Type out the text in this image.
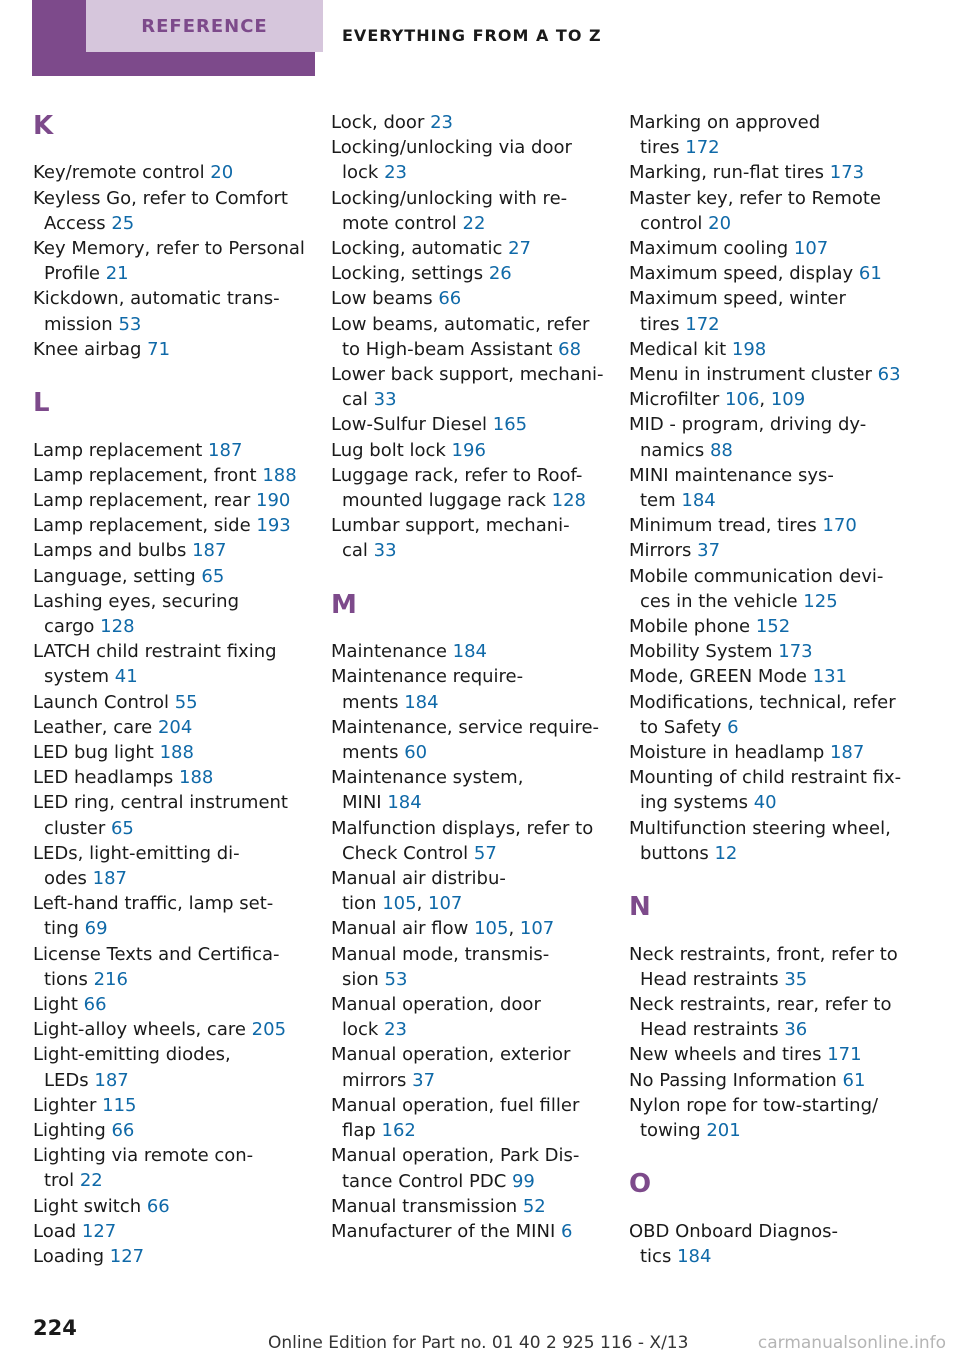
REFERENCE	EVERYTHING FROM A TO Z
K
Key/remote control 20
Keyless Go, refer to Comfort
Access 25
Key Memory, refer to Personal
Profile 21
Kickdown, automatic trans-
mission 53
Knee airbag 71
L
Lamp replacement 187
Lamp replacement, front 188
Lamp replacement, rear 190
Lamp replacement, side 193
Lamps and bulbs 187
Language, setting 65
Lashing eyes, securing
cargo 128
LATCH child restraint fixing
system 41
Launch Control 55
Leather, care 204
LED bug light 188
LED headlamps 188
LED ring, central instrument
cluster 65
LEDs, light-emitting di-
odes 187
Left-hand traffic, lamp set-
ting 69
License Texts and Certifica-
tions 216
Light 66
Light-alloy wheels, care 205
Light-emitting diodes,
LEDs 187
Lighter 115
Lighting 66
Lighting via remote con-
trol 22
Light switch 66
Load 127
Loading 127
Lock, door 23
Locking/unlocking via door
lock 23
Locking/unlocking with re-
mote control 22
Locking, automatic 27
Locking, settings 26
Low beams 66
Low beams, automatic, refer
to High-beam Assistant 68
Lower back support, mechani-
cal 33
Low-Sulfur Diesel 165
Lug bolt lock 196
Luggage rack, refer to Roof-
mounted luggage rack 128
Lumbar support, mechani-
cal 33
M
Maintenance 184
Maintenance require-
ments 184
Maintenance, service require-
ments 60
Maintenance system,
MINI 184
Malfunction displays, refer to
Check Control 57
Manual air distribu-
tion 105, 107
Manual air flow 105, 107
Manual mode, transmis-
sion 53
Manual operation, door
lock 23
Manual operation, exterior
mirrors 37
Manual operation, fuel filler
flap 162
Manual operation, Park Dis-
tance Control PDC 99
Manual transmission 52
Manufacturer of the MINI 6
Marking on approved
tires 172
Marking, run-flat tires 173
Master key, refer to Remote
control 20
Maximum cooling 107
Maximum speed, display 61
Maximum speed, winter
tires 172
Medical kit 198
Menu in instrument cluster 63
Microfilter 106, 109
MID - program, driving dy-
namics 88
MINI maintenance sys-
tem 184
Minimum tread, tires 170
Mirrors 37
Mobile communication devi-
ces in the vehicle 125
Mobile phone 152
Mobility System 173
Mode, GREEN Mode 131
Modifications, technical, refer
to Safety 6
Moisture in headlamp 187
Mounting of child restraint fix-
ing systems 40
Multifunction steering wheel,
buttons 12
N
Neck restraints, front, refer to
Head restraints 35
Neck restraints, rear, refer to
Head restraints 36
New wheels and tires 171
No Passing Information 61
Nylon rope for tow-starting/
towing 201
O
OBD Onboard Diagnos-
tics 184
224
Online Edition for Part no. 01 40 2 925 116 - X/13	carmanualsonline.info
